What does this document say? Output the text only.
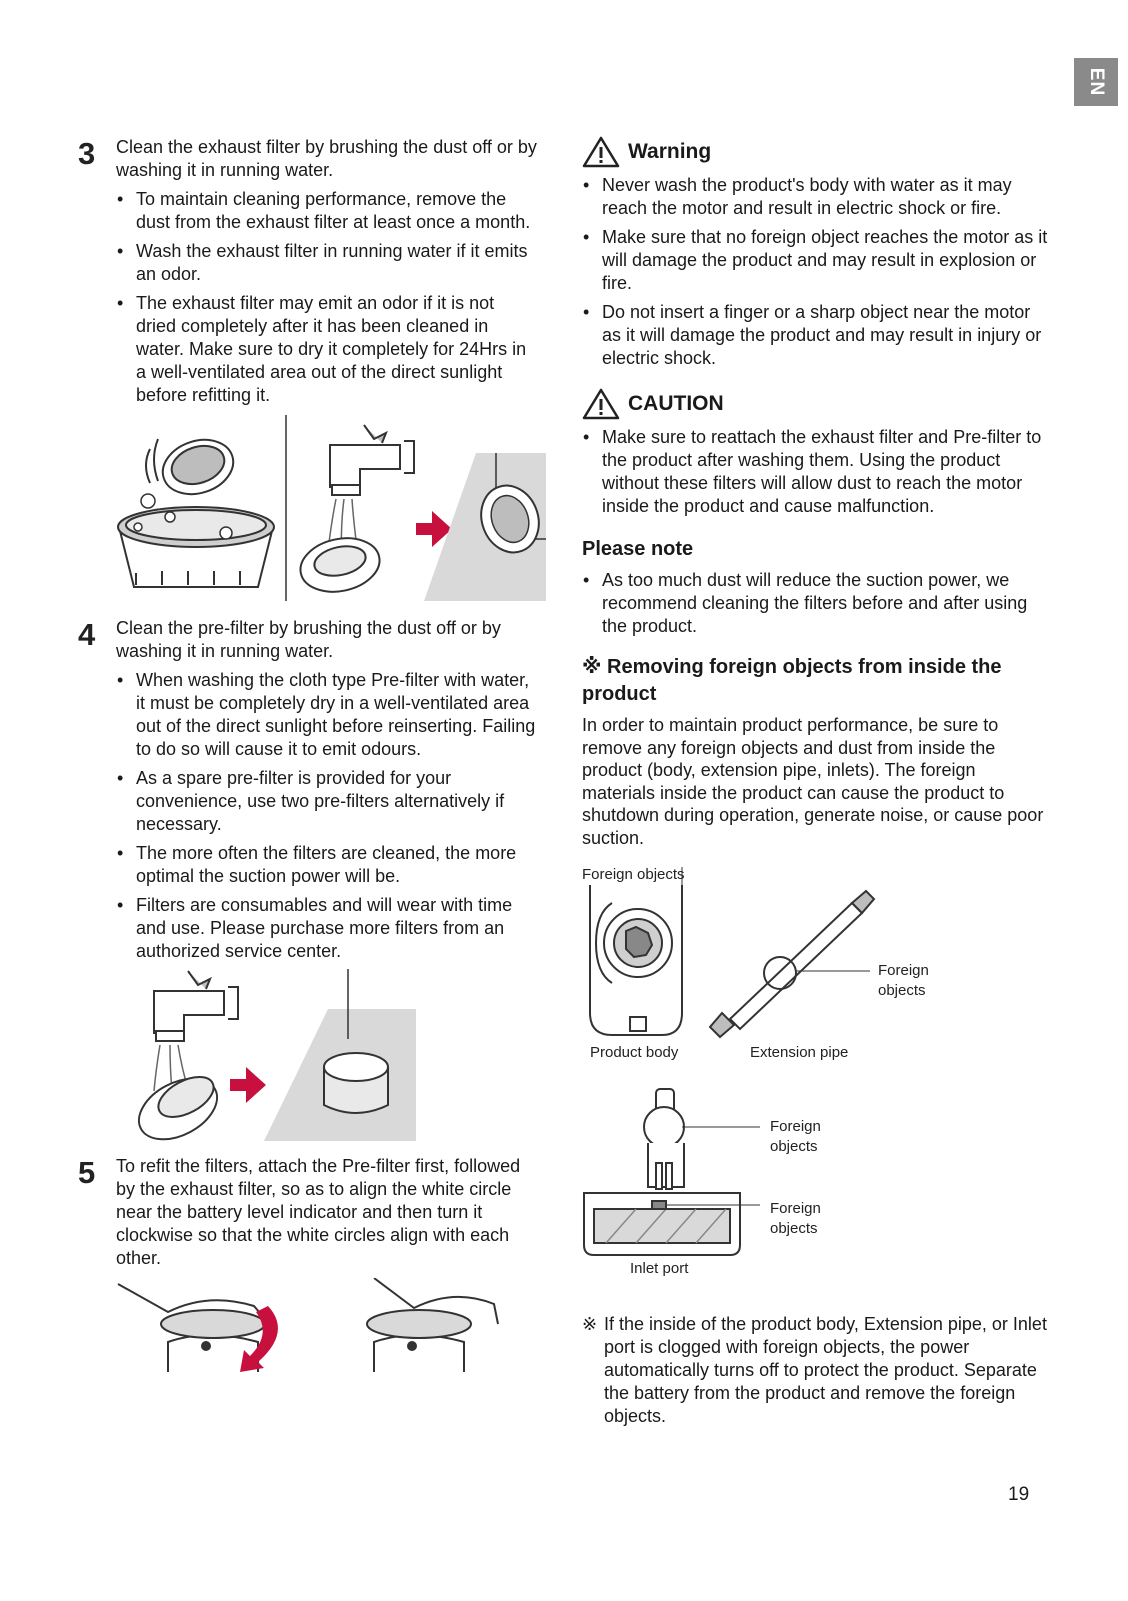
EN
3 Clean the exhaust filter by brushing the dust off or by washing it in running water.

• To maintain cleaning performance, remove the dust from the exhaust filter at least once a month.
• Wash the exhaust filter in running water if it emits an odor.
• The exhaust filter may emit an odor if it is not dried completely after it has been cleaned in water. Make sure to dry it completely for 24Hrs in a well-ventilated area out of the direct sunlight before refitting it.
4 Clean the pre-filter by brushing the dust off or by washing it in running water.

• When washing the cloth type Pre-filter with water, it must be completely dry in a well-ventilated area out of the direct sunlight before reinserting. Failing to do so will cause it to emit odours.
• As a spare pre-filter is provided for your convenience, use two pre-filters alternatively if necessary.
• The more often the filters are cleaned, the more optimal the suction power will be.
• Filters are consumables and will wear with time and use. Please purchase more filters from an authorized service center.
5 To refit the filters, attach the Pre-filter first, followed by the exhaust filter, so as to align the white circle near the battery level indicator and then turn it clockwise so that the white circles align with each other.

Warning
• Never wash the product's body with water as it may reach the motor and result in electric shock or fire.
• Make sure that no foreign object reaches the motor as it will damage the product and may result in explosion or fire.
• Do not insert a finger or a sharp object near the motor as it will damage the product and may result in injury or electric shock.
CAUTION
• Make sure to reattach the exhaust filter and Pre-filter to the product after washing them. Using the product without these filters will allow dust to reach the motor inside the product and cause malfunction.
Please note
• As too much dust will reduce the suction power, we recommend cleaning the filters before and after using the product.
※ Removing foreign objects from inside the product

In order to maintain product performance, be sure to remove any foreign objects and dust from inside the product (body, extension pipe, inlets). The foreign materials inside the product can cause the product to shutdown during operation, generate noise, or cause poor suction.

Foreign objects
Product body
Foreign
objects
Extension pipe
Foreign
objects
Foreign
objects
Inlet port

※ If the inside of the product body, Extension pipe, or Inlet port is clogged with foreign objects, the power automatically turns off to protect the product. Separate the battery from the product and remove the foreign objects.

19
